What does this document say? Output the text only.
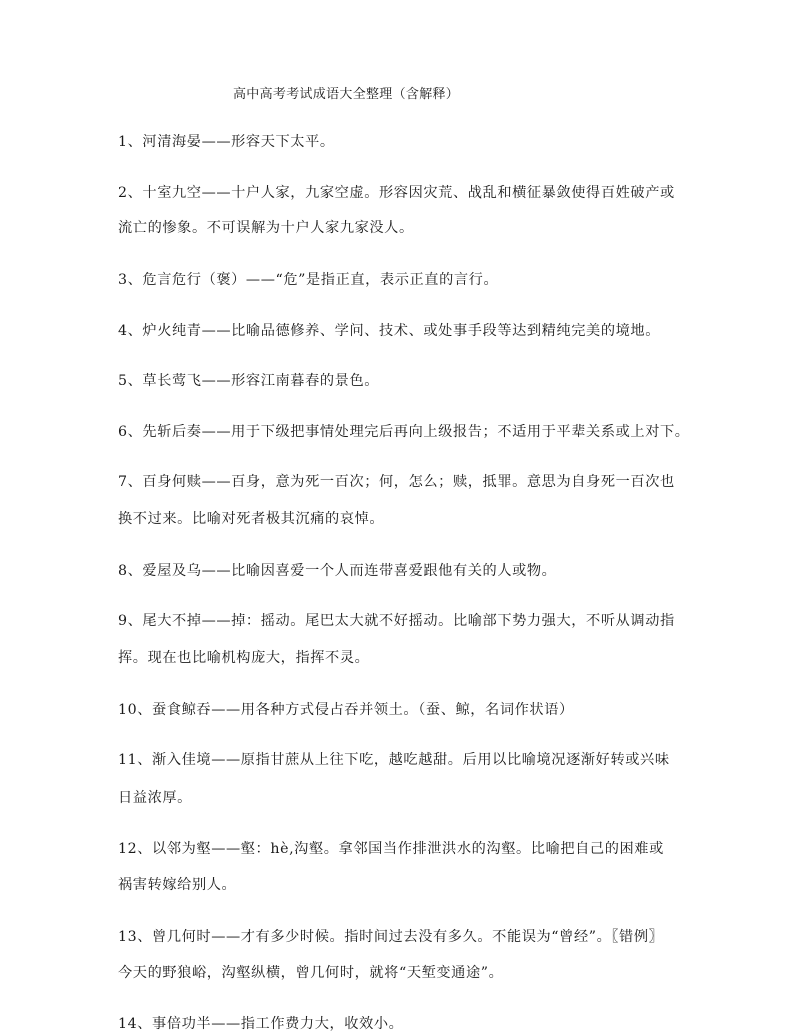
高中高考考试成语大全整理（含解释）
1、河清海晏——形容天下太平。
2、十室九空——十户人家，九家空虚。形容因灾荒、战乱和横征暴敛使得百姓破产或
流亡的惨象。不可误解为十户人家九家没人。
3、危言危行（褒）——“危”是指正直，表示正直的言行。
4、炉火纯青——比喻品德修养、学问、技术、或处事手段等达到精纯完美的境地。
5、草长莺飞——形容江南暮春的景色。
6、先斩后奏——用于下级把事情处理完后再向上级报告；不适用于平辈关系或上对下。
7、百身何赎——百身，意为死一百次；何，怎么；赎，抵罪。意思为自身死一百次也
换不过来。比喻对死者极其沉痛的哀悼。
8、爱屋及乌——比喻因喜爱一个人而连带喜爱跟他有关的人或物。
9、尾大不掉——掉：摇动。尾巴太大就不好摇动。比喻部下势力强大，不听从调动指
挥。现在也比喻机构庞大，指挥不灵。
10、蚕食鲸吞——用各种方式侵占吞并领土。（蚕、鲸，名词作状语）
11、渐入佳境——原指甘蔗从上往下吃，越吃越甜。后用以比喻境况逐渐好转或兴味
日益浓厚。
12、以邻为壑——壑：hè,沟壑。拿邻国当作排泄洪水的沟壑。比喻把自己的困难或
祸害转嫁给别人。
13、曾几何时——才有多少时候。指时间过去没有多久。不能误为“曾经”。〖错例〗
今天的野狼峪，沟壑纵横，曾几何时，就将“天堑变通途”。
14、事倍功半——指工作费力大，收效小。
